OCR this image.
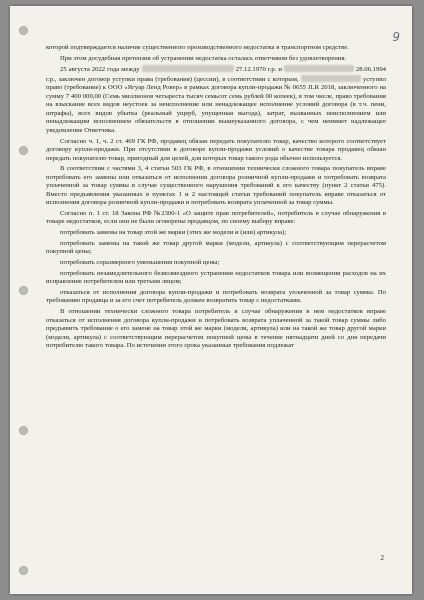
9

которой подтверждается наличие существенного производственного недостатка в транспортном средстве.

При этом досудебная претензия об устранении недостатка осталась ответчиком без удовлетворения.

25 августа 2022 года между	27.12.1970 г.р. и	28.06.1994 г.р., заключен договор уступки права (требования) (цессии), в соответствии с которым,	уступил право (требование) к ООО «Ягуар Ленд Ровер» в рамках договора купли-продажи № 0655 JLR 2018, заключенного на сумму 7 400 000,00 (Семь миллионов четыреста тысяч семьсот семь рублей 00 копеек), в том числе, право требования на взыскание всех видов неустоек за неисполнение или ненадлежащее исполнение условий договора (в т.ч. пени, штрафы), всех видов убытка (реальный ущерб, упущенная выгода), затрат, вызванных неисполнением или ненадлежащим исполнением обязательств в отношении вышеуказанного договора, с чем неиммет надлежащее уведомление Ответчика.

Согласно ч. 1, ч. 2 ст. 469 ГК РФ, продавец обязан передать покупателю товар, качество которого соответствует договору купли-продажи. При отсутствии в договоре купли-продажи условий о качестве товара продавец обязан передать покупателю товар, пригодный для целей, для которых товар такого рода обычно используется.

В соответствии с частями 3, 4 статьи 503 ГК РФ, в отношении технически сложного товара покупатель вправе потребовать его замены или отказаться от исполнения договора розничной купли-продажи и потребовать возврата уплаченной за товар суммы в случае существенного нарушения требований к его качеству (пункт 2 статьи 475). Вместо предъявления указанных в пунктах 1 и 2 настоящей статьи требований покупатель вправе отказаться от исполнения договора розничной купли-продажи и потребовать возврата уплаченной за товар суммы.

Согласно п. 1 ст. 18 Закона РФ №2300-1 «О защите прав потребителей», потребитель в случае обнаружения в товаре недостатков, если они не были оговорены продавцом, по своему выбору вправе:

потребовать замены на товар этой же марки (этих же модели и (или) артикула);

потребовать замены на такой же товар другой марки (модели, артикула) с соответствующим перерасчетом покупной цены;

потребовать соразмерного уменьшения покупной цены;

потребовать незамедлительного безвозмездного устранения недостатков товара или возмещения расходов на их исправление потребителем или третьим лицом;

отказаться от исполнения договора купли-продажи и потребовать возврата уплаченной за товар суммы. По требованию продавца и за его счет потребитель должен возвратить товар с недостатками.

В отношении технически сложного товара потребитель в случае обнаружения в нем недостатков вправе отказаться от исполнения договора купли-продажи и потребовать возврата уплаченной за такой товар суммы либо предъявить требование о его замене на товар этой же марки (модели, артикула) или на такой же товар другой марки (модели, артикула) с соответствующим перерасчетом покупной цены в течение пятнадцати дней со дня передачи потребителю такого товара. По истечении этого срока указанные требования подлежат

2
